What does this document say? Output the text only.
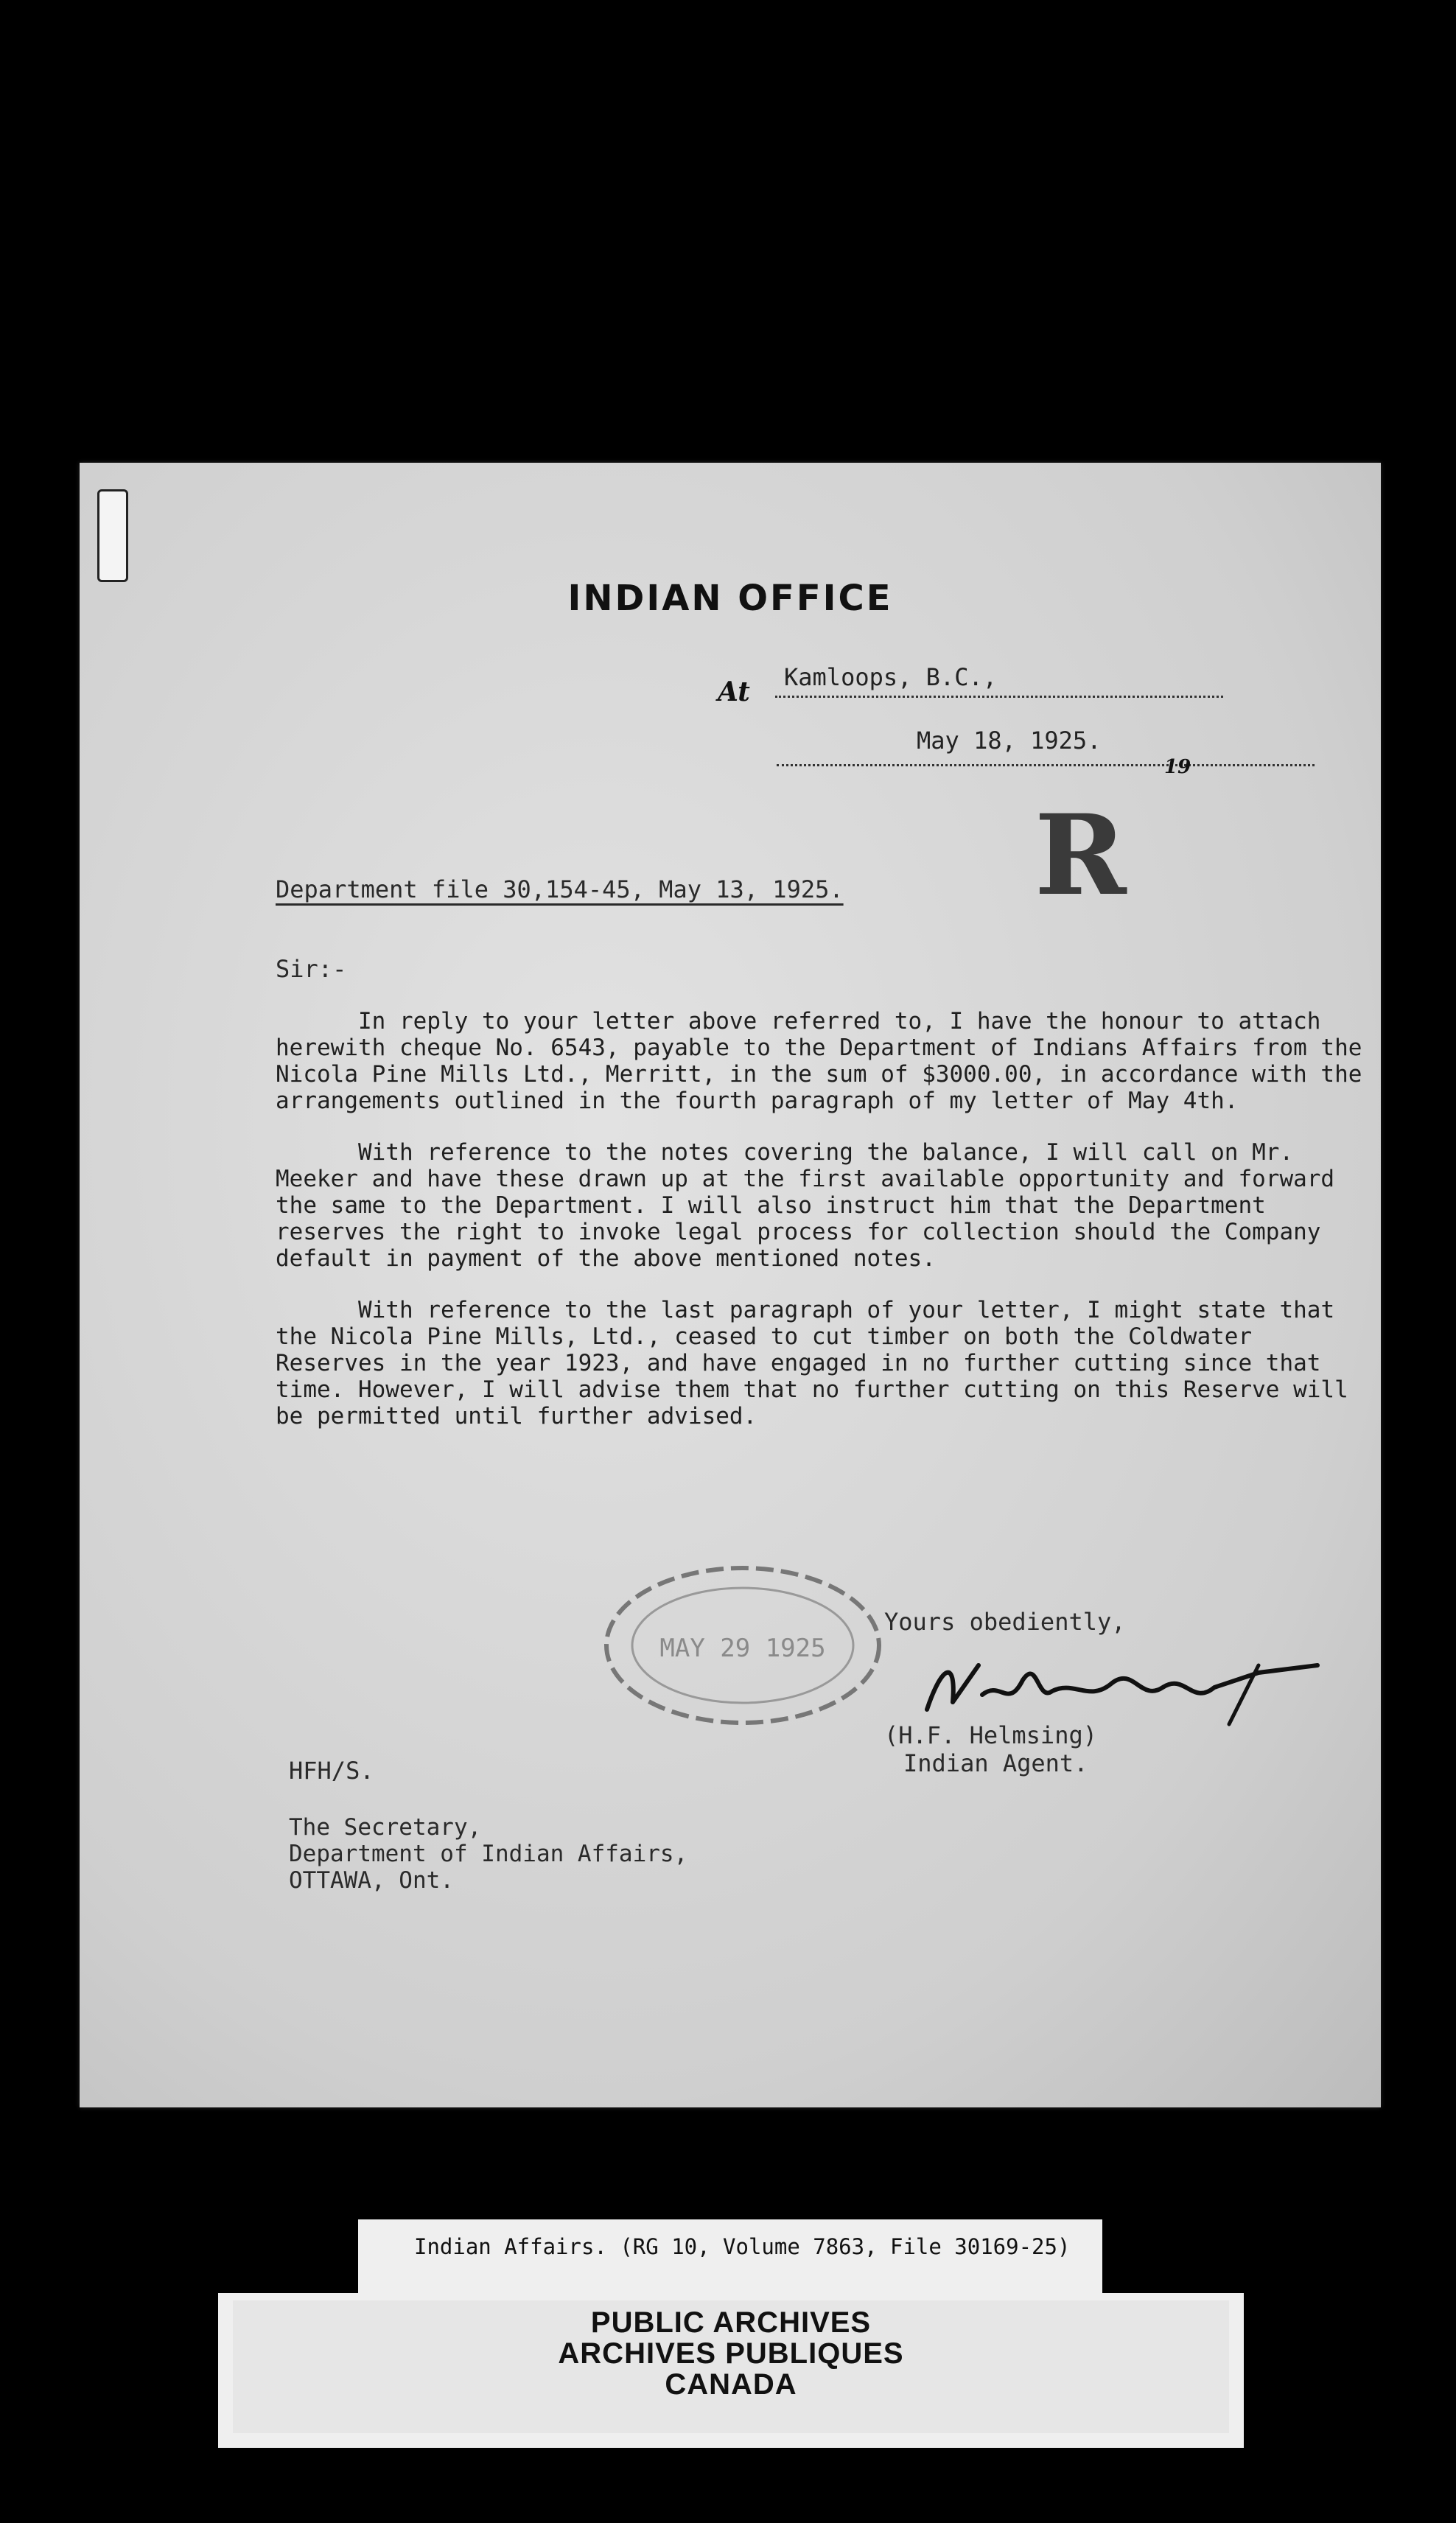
INDIAN OFFICE
At	Kamloops, B.C.,
May 18, 1925.
19
R
Department file 30,154-45, May 13, 1925.
Sir:-

In reply to your letter above referred to, I have the honour to attach herewith cheque No. 6543, payable to the Department of Indians Affairs from the Nicola Pine Mills Ltd., Merritt, in the sum of $3000.00, in accordance with the arrangements outlined in the fourth paragraph of my letter of May 4th.

With reference to the notes covering the balance, I will call on Mr. Meeker and have these drawn up at the first available opportunity and forward the same to the Department. I will also instruct him that the Department reserves the right to invoke legal process for collection should the Company default in payment of the above mentioned notes.

With reference to the last paragraph of your letter, I might state that the Nicola Pine Mills, Ltd., ceased to cut timber on both the Coldwater Reserves in the year 1923, and have engaged in no further cutting since that time. However, I will advise them that no further cutting on this Reserve will be permitted until further advised.

MAY 29 1925
Yours obediently,
(H.F. Helmsing)
Indian Agent.
HFH/S.
The Secretary,
Department of Indian Affairs,
OTTAWA, Ont.
Indian Affairs. (RG 10, Volume 7863, File 30169-25)
PUBLIC ARCHIVES
ARCHIVES PUBLIQUES
CANADA
